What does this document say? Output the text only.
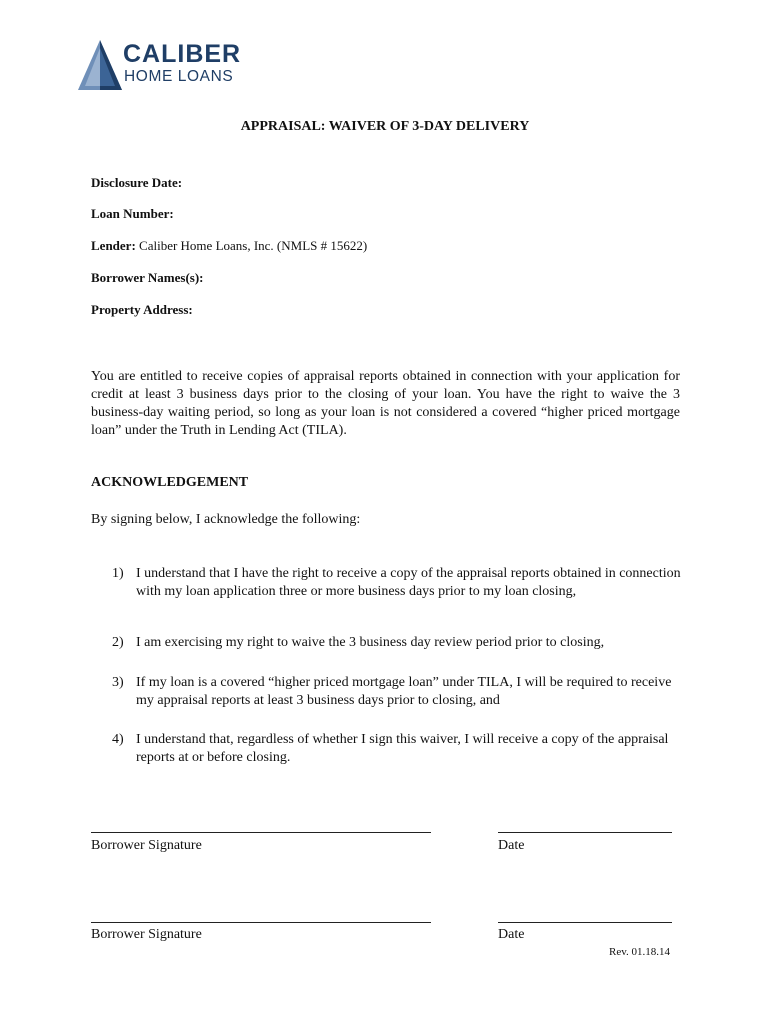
CALIBER
HOME LOANS
APPRAISAL: WAIVER OF 3-DAY DELIVERY
Disclosure Date:
Loan Number:
Lender: Caliber Home Loans, Inc. (NMLS # 15622)
Borrower Names(s):
Property Address:
You are entitled to receive copies of appraisal reports obtained in connection with your application for credit at least 3 business days prior to the closing of your loan. You have the right to waive the 3 business-day waiting period, so long as your loan is not considered a covered “higher priced mortgage loan” under the Truth in Lending Act (TILA).
ACKNOWLEDGEMENT
By signing below, I acknowledge the following:
1) I understand that I have the right to receive a copy of the appraisal reports obtained in connection with my loan application three or more business days prior to my loan closing,
2) I am exercising my right to waive the 3 business day review period prior to closing,
3) If my loan is a covered “higher priced mortgage loan” under TILA, I will be required to receive my appraisal reports at least 3 business days prior to closing, and
4) I understand that, regardless of whether I sign this waiver, I will receive a copy of the appraisal reports at or before closing.
Borrower Signature	Date
Borrower Signature	Date
Rev. 01.18.14
